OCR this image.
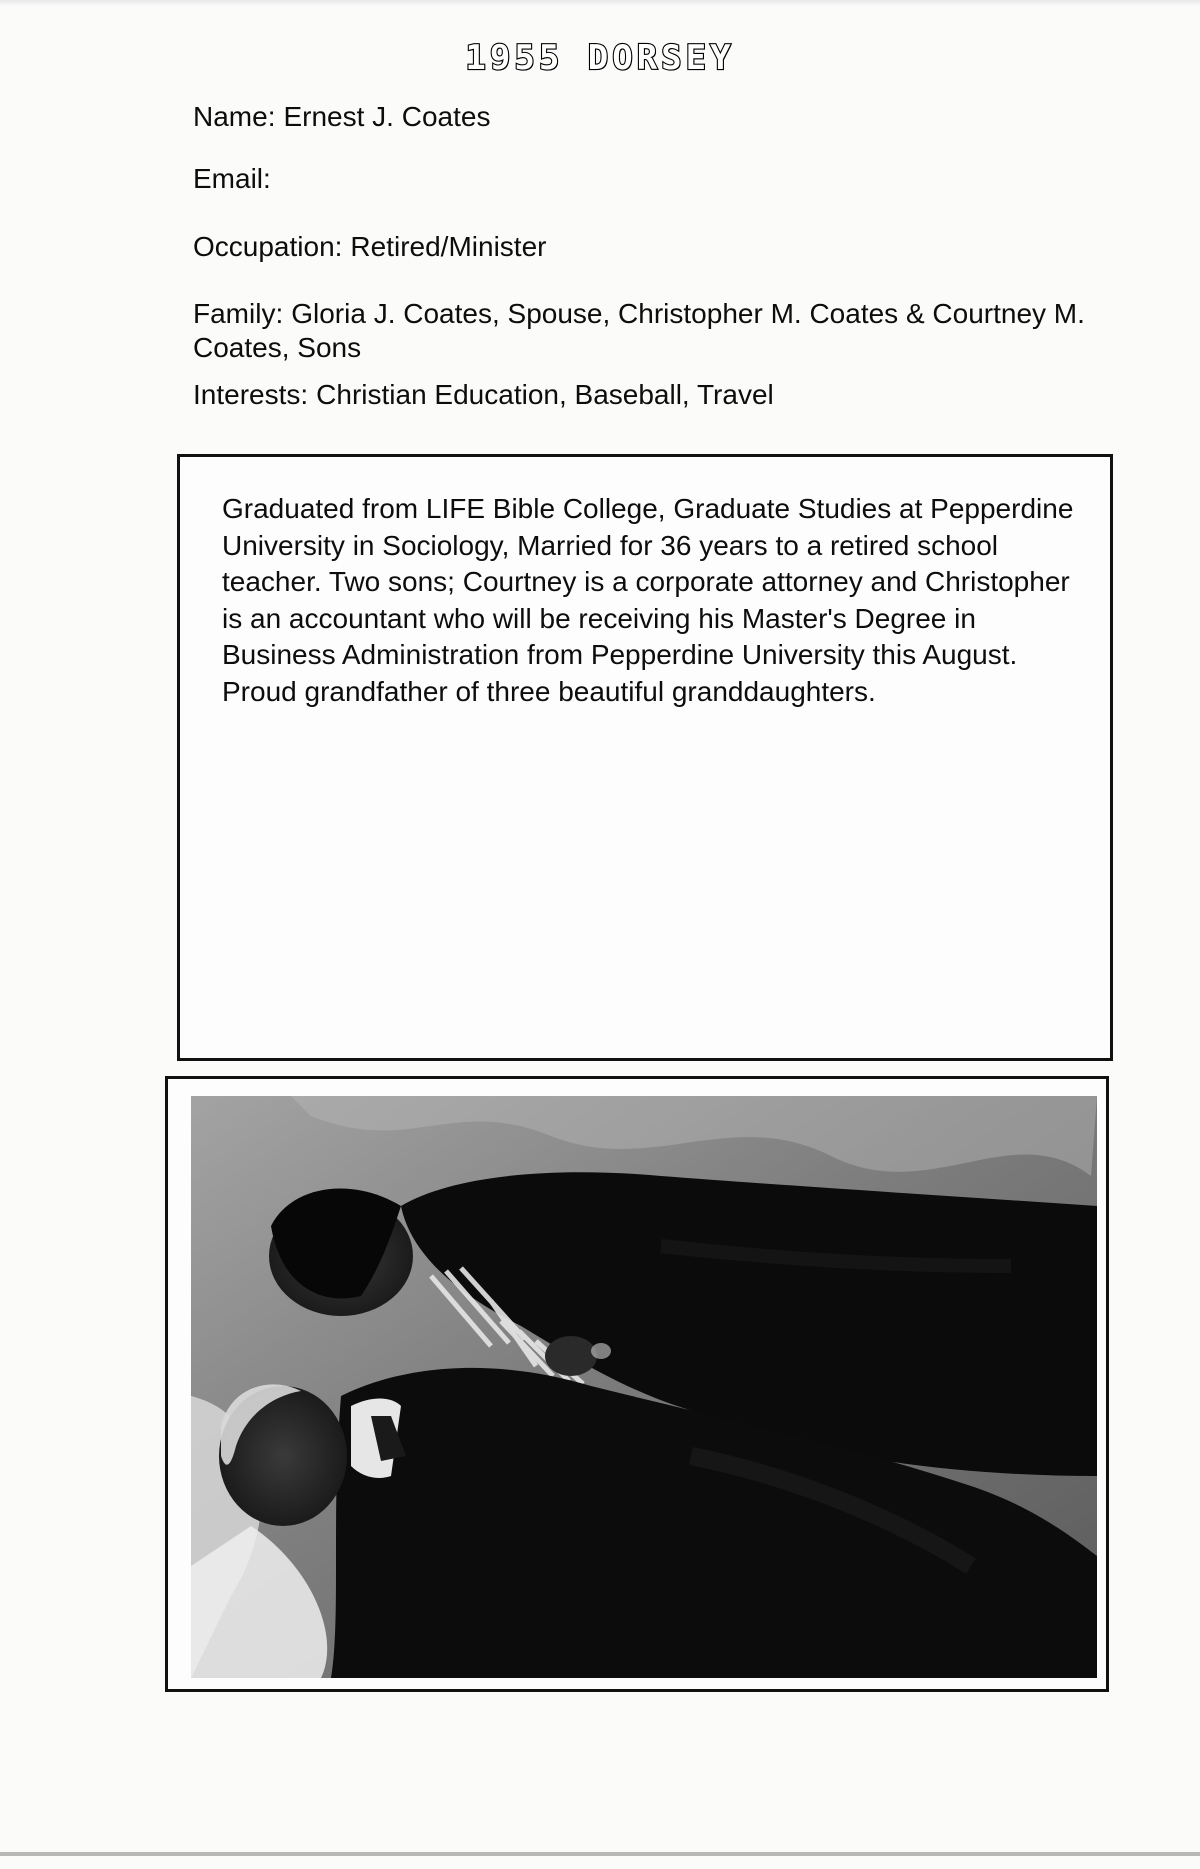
1955 DORSEY

Name: Ernest J. Coates

Email:

Occupation: Retired/Minister

Family: Gloria J. Coates, Spouse, Christopher M. Coates & Courtney M. Coates, Sons

Interests: Christian Education, Baseball, Travel

Graduated from LIFE Bible College, Graduate Studies at Pepperdine University in Sociology, Married for 36 years to a retired school teacher. Two sons; Courtney is a corporate attorney and Christopher is an accountant who will be receiving his Master's Degree in Business Administration from Pepperdine University this August. Proud grandfather of three beautiful granddaughters.
